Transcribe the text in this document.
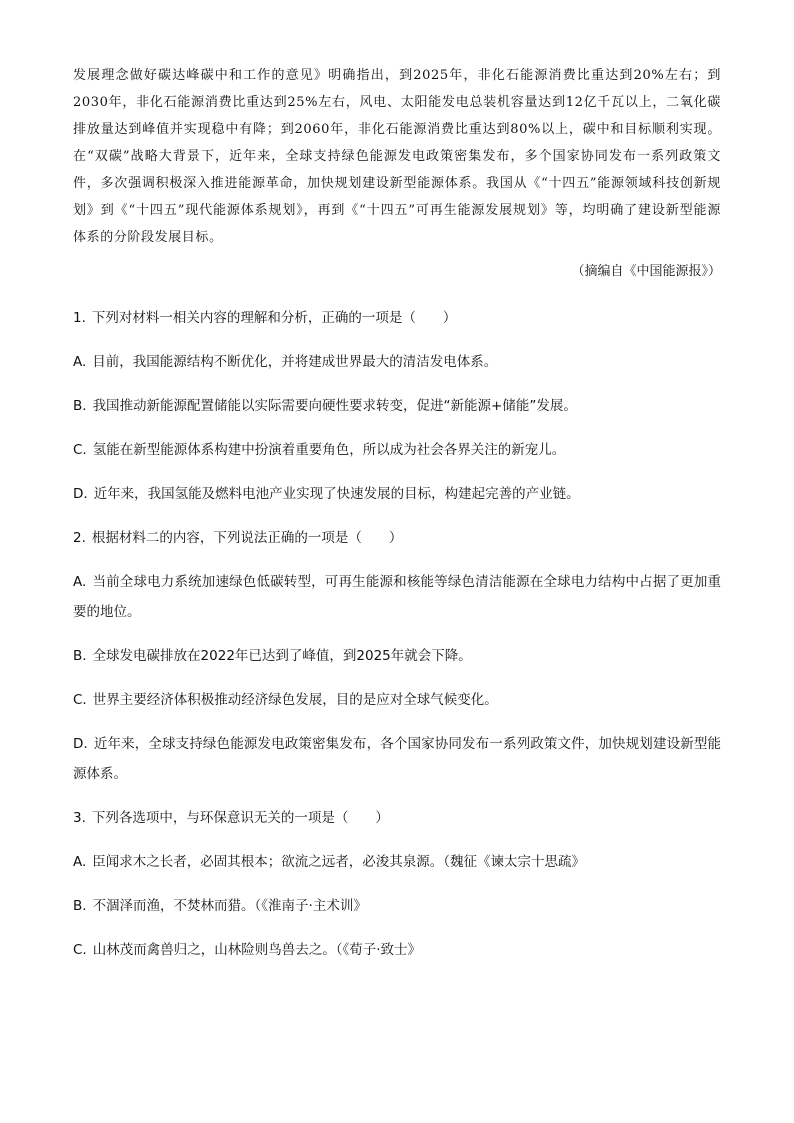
发展理念做好碳达峰碳中和工作的意见》明确指出，到2025年，非化石能源消费比重达到20%左右；到2030年，非化石能源消费比重达到25%左右，风电、太阳能发电总装机容量达到12亿千瓦以上，二氧化碳排放量达到峰值并实现稳中有降；到2060年，非化石能源消费比重达到80%以上，碳中和目标顺利实现。在“双碳”战略大背景下，近年来，全球支持绿色能源发电政策密集发布，多个国家协同发布一系列政策文件，多次强调积极深入推进能源革命，加快规划建设新型能源体系。我国从《“十四五”能源领域科技创新规划》到《“十四五”现代能源体系规划》，再到《“十四五”可再生能源发展规划》等，均明确了建设新型能源体系的分阶段发展目标。

（摘编自《中国能源报》）

1. 下列对材料一相关内容的理解和分析，正确的一项是（　　）

A. 目前，我国能源结构不断优化，并将建成世界最大的清洁发电体系。

B. 我国推动新能源配置储能以实际需要向硬性要求转变，促进“新能源+储能”发展。

C. 氢能在新型能源体系构建中扮演着重要角色，所以成为社会各界关注的新宠儿。

D. 近年来，我国氢能及燃料电池产业实现了快速发展的目标，构建起完善的产业链。

2. 根据材料二的内容，下列说法正确的一项是（　　）

A. 当前全球电力系统加速绿色低碳转型，可再生能源和核能等绿色清洁能源在全球电力结构中占据了更加重要的地位。

B. 全球发电碳排放在2022年已达到了峰值，到2025年就会下降。

C. 世界主要经济体积极推动经济绿色发展，目的是应对全球气候变化。

D. 近年来，全球支持绿色能源发电政策密集发布，各个国家协同发布一系列政策文件，加快规划建设新型能源体系。

3. 下列各选项中，与环保意识无关的一项是（　　）

A. 臣闻求木之长者，必固其根本；欲流之远者，必浚其泉源。（魏征《谏太宗十思疏》

B. 不涸泽而渔，不焚林而猎。（《淮南子·主术训》

C. 山林茂而禽兽归之，山林险则鸟兽去之。（《荀子·致士》
